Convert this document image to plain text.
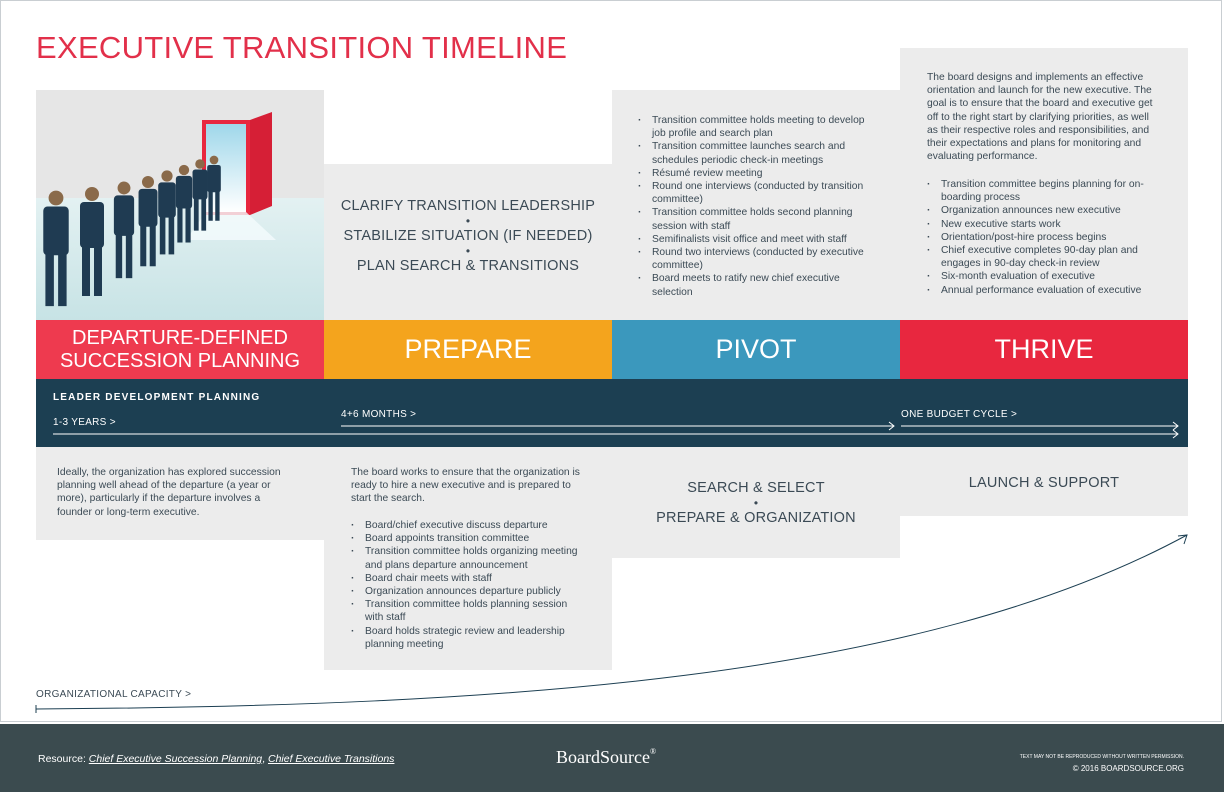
EXECUTIVE TRANSITION TIMELINE
CLARIFY TRANSITION LEADERSHIP
•
STABILIZE SITUATION (IF NEEDED)
•
PLAN SEARCH & TRANSITIONS
· Transition committee holds meeting to develop job profile and search plan
· Transition committee launches search and schedules periodic check-in meetings
· Résumé review meeting
· Round one interviews (conducted by transition committee)
· Transition committee holds second planning session with staff
· Semifinalists visit office and meet with staff
· Round two interviews (conducted by executive committee)
· Board meets to ratify new chief executive selection
The board designs and implements an effective orientation and launch for the new executive. The goal is to ensure that the board and executive get off to the right start by clarifying priorities, as well as their respective roles and responsibilities, and their expectations and plans for monitoring and evaluating performance.
· Transition committee begins planning for on-boarding process
· Organization announces new executive
· New executive starts work
· Orientation/post-hire process begins
· Chief executive completes 90-day plan and engages in 90-day check-in review
· Six-month evaluation of executive
· Annual performance evaluation of executive
DEPARTURE-DEFINED SUCCESSION PLANNING	PREPARE	PIVOT	THRIVE
LEADER DEVELOPMENT PLANNING
1-3 YEARS >
4+6 MONTHS >	ONE BUDGET CYCLE >
Ideally, the organization has explored succession planning well ahead of the departure (a year or more), particularly if the departure involves a founder or long-term executive.
The board works to ensure that the organization is ready to hire a new executive and is prepared to start the search.
· Board/chief executive discuss departure
· Board appoints transition committee
· Transition committee holds organizing meeting and plans departure announcement
· Board chair meets with staff
· Organization announces departure publicly
· Transition committee holds planning session with staff
· Board holds strategic review and leadership planning meeting
SEARCH & SELECT
•
PREPARE & ORGANIZATION
LAUNCH & SUPPORT
ORGANIZATIONAL CAPACITY >
Resource: Chief Executive Succession Planning, Chief Executive Transitions	BoardSource®
TEXT MAY NOT BE REPRODUCED WITHOUT WRITTEN PERMISSION.
© 2016 BOARDSOURCE.ORG
